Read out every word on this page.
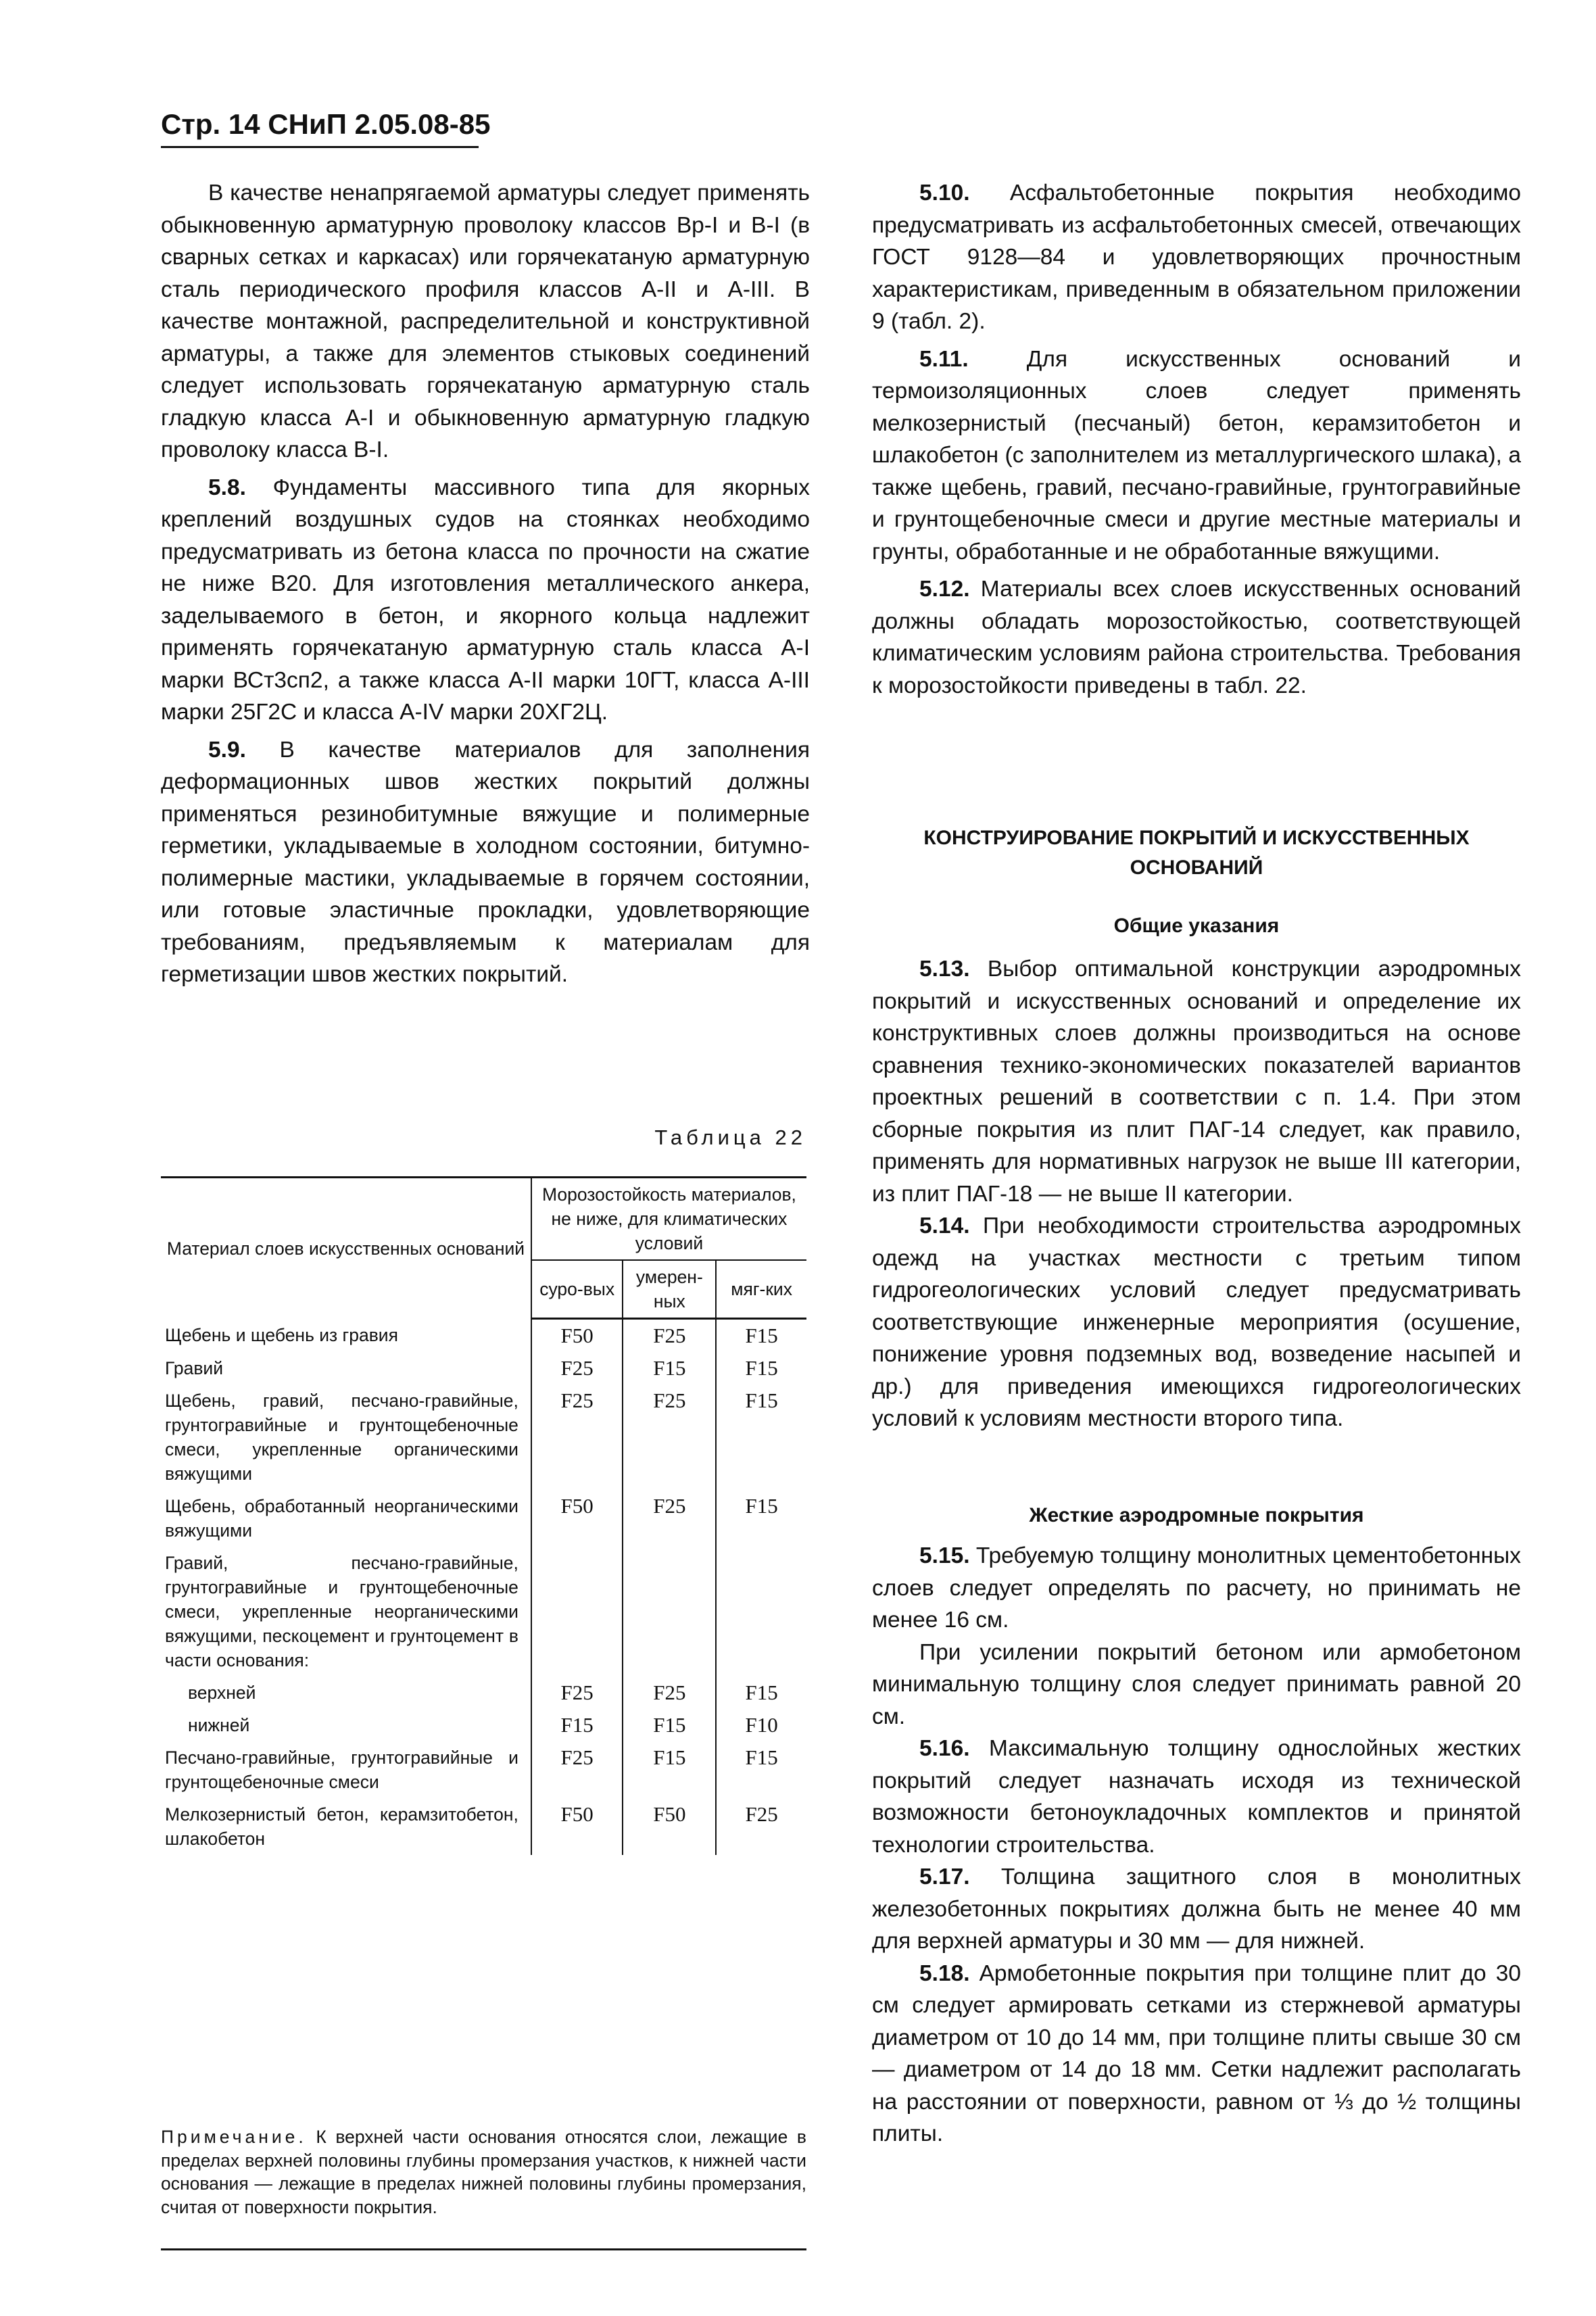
Стр. 14 СНиП 2.05.08-85

В качестве ненапрягаемой арматуры следует применять обыкновенную арматурную проволоку классов Вр-I и В-I (в сварных сетках и каркасах) или горячекатаную арматурную сталь периодического профиля классов А-II и А-III. В качестве монтажной, распределительной и конструктивной арматуры, а также для элементов стыковых соединений следует использовать горячекатаную арматурную сталь гладкую класса А-I и обыкновенную арматурную гладкую проволоку класса В-I.

5.8. Фундаменты массивного типа для якорных креплений воздушных судов на стоянках необходимо предусматривать из бетона класса по прочности на сжатие не ниже В20. Для изготовления металлического анкера, заделываемого в бетон, и якорного кольца надлежит применять горячекатаную арматурную сталь класса А-I марки ВСт3сп2, а также класса А-II марки 10ГТ, класса А-III марки 25Г2С и класса А-IV марки 20ХГ2Ц.

5.9. В качестве материалов для заполнения деформационных швов жестких покрытий должны применяться резинобитумные вяжущие и полимерные герметики, укладываемые в холодном состоянии, битумно-полимерные мастики, укладываемые в горячем состоянии, или готовые эластичные прокладки, удовлетворяющие требованиям, предъявляемым к материалам для герметизации швов жестких покрытий.

Таблица 22
Материал слоев искусственных оснований	Морозостойкость материалов, не ниже, для климатических условий		
	суро-вых	умерен-ных	мяг-ких
Щебень и щебень из гравия	F50	F25	F15
Гравий	F25	F15	F15
Щебень, гравий, песчано-гравийные, грунтогравийные и грунтощебеночные смеси, укрепленные органическими вяжущими	F25	F25	F15
Щебень, обработанный неорганическими вяжущими	F50	F25	F15
Гравий, песчано-гравийные, грунтогравийные и грунтощебеночные смеси, укрепленные неорганическими вяжущими, пескоцемент и грунтоцемент в части основания:			
верхней	F25	F25	F15
нижней	F15	F15	F10
Песчано-гравийные, грунтогравийные и грунтощебеночные смеси	F25	F15	F15
Мелкозернистый бетон, керамзитобетон, шлакобетон	F50	F50	F25
Примечание. К верхней части основания относятся слои, лежащие в пределах верхней половины глубины промерзания участков, к нижней части основания — лежащие в пределах нижней половины глубины промерзания, считая от поверхности покрытия.

5.10. Асфальтобетонные покрытия необходимо предусматривать из асфальтобетонных смесей, отвечающих ГОСТ 9128—84 и удовлетворяющих прочностным характеристикам, приведенным в обязательном приложении 9 (табл. 2).

5.11. Для искусственных оснований и термоизоляционных слоев следует применять мелкозернистый (песчаный) бетон, керамзитобетон и шлакобетон (с заполнителем из металлургического шлака), а также щебень, гравий, песчано-гравийные, грунтогравийные и грунтощебеночные смеси и другие местные материалы и грунты, обработанные и не обработанные вяжущими.

5.12. Материалы всех слоев искусственных оснований должны обладать морозостойкостью, соответствующей климатическим условиям района строительства. Требования к морозостойкости приведены в табл. 22.

КОНСТРУИРОВАНИЕ ПОКРЫТИЙ И ИСКУССТВЕННЫХ ОСНОВАНИЙ
Общие указания

5.13. Выбор оптимальной конструкции аэродромных покрытий и искусственных оснований и определение их конструктивных слоев должны производиться на основе сравнения технико-экономических показателей вариантов проектных решений в соответствии с п. 1.4. При этом сборные покрытия из плит ПАГ-14 следует, как правило, применять для нормативных нагрузок не выше III категории, из плит ПАГ-18 — не выше II категории.

5.14. При необходимости строительства аэродромных одежд на участках местности с третьим типом гидрогеологических условий следует предусматривать соответствующие инженерные мероприятия (осушение, понижение уровня подземных вод, возведение насыпей и др.) для приведения имеющихся гидрогеологических условий к условиям местности второго типа.

Жесткие аэродромные покрытия

5.15. Требуемую толщину монолитных цементобетонных слоев следует определять по расчету, но принимать не менее 16 см.

При усилении покрытий бетоном или армобетоном минимальную толщину слоя следует принимать равной 20 см.

5.16. Максимальную толщину однослойных жестких покрытий следует назначать исходя из технической возможности бетоноукладочных комплектов и принятой технологии строительства.

5.17. Толщина защитного слоя в монолитных железобетонных покрытиях должна быть не менее 40 мм для верхней арматуры и 30 мм — для нижней.

5.18. Армобетонные покрытия при толщине плит до 30 см следует армировать сетками из стержневой арматуры диаметром от 10 до 14 мм, при толщине плиты свыше 30 см — диаметром от 14 до 18 мм. Сетки надлежит располагать на расстоянии от поверхности, равном от ⅓ до ½ толщины плиты.
